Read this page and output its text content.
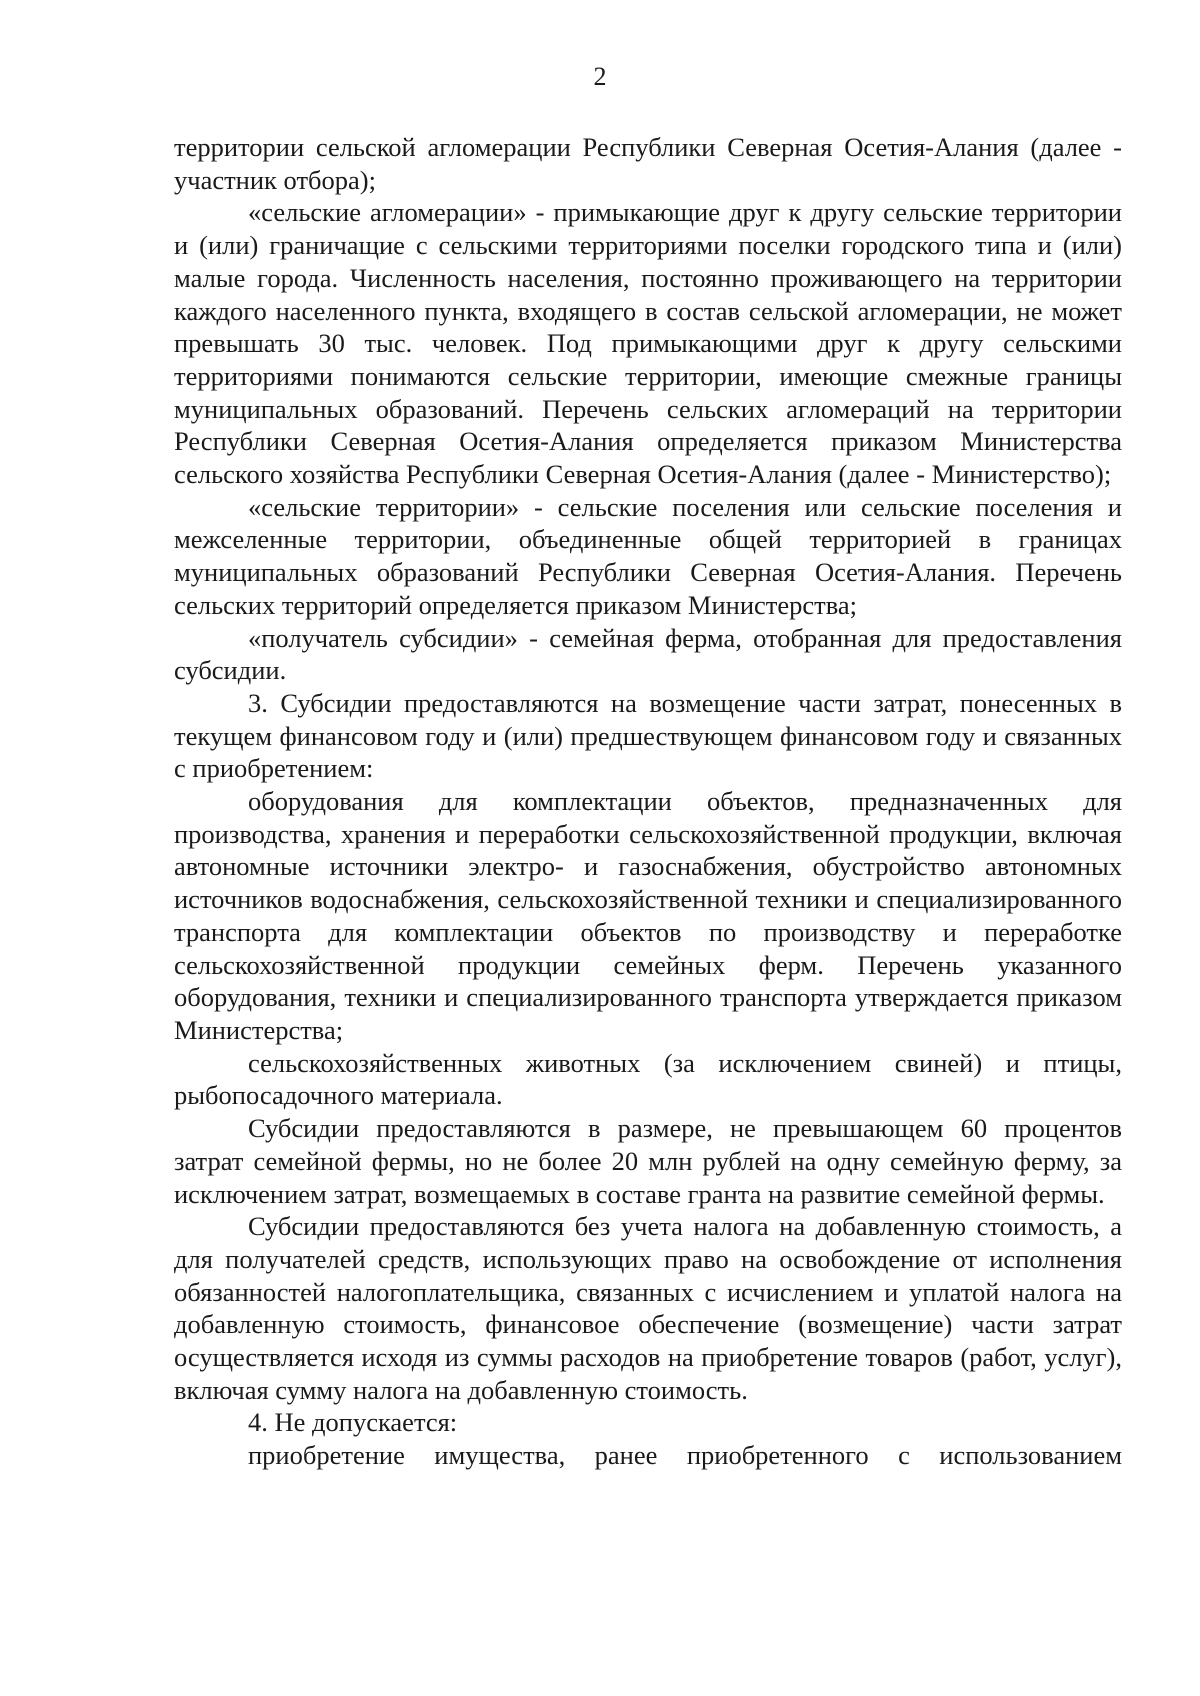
2

территории сельской агломерации Республики Северная Осетия-Алания (далее - участник отбора);

«сельские агломерации» - примыкающие друг к другу сельские территории и (или) граничащие с сельскими территориями поселки городского типа и (или) малые города. Численность населения, постоянно проживающего на территории каждого населенного пункта, входящего в состав сельской агломерации, не может превышать 30 тыс. человек. Под примыкающими друг к другу сельскими территориями понимаются сельские территории, имеющие смежные границы муниципальных образований. Перечень сельских агломераций на территории Республики Северная Осетия-Алания определяется приказом Министерства сельского хозяйства Республики Северная Осетия-Алания (далее - Министерство);

«сельские территории» - сельские поселения или сельские поселения и межселенные территории, объединенные общей территорией в границах муниципальных образований Республики Северная Осетия-Алания. Перечень сельских территорий определяется приказом Министерства;

«получатель субсидии» - семейная ферма, отобранная для предоставления субсидии.

3. Субсидии предоставляются на возмещение части затрат, понесенных в текущем финансовом году и (или) предшествующем финансовом году и связанных с приобретением:

оборудования для комплектации объектов, предназначенных для производства, хранения и переработки сельскохозяйственной продукции, включая автономные источники электро- и газоснабжения, обустройство автономных источников водоснабжения, сельскохозяйственной техники и специализированного транспорта для комплектации объектов по производству и переработке сельскохозяйственной продукции семейных ферм. Перечень указанного оборудования, техники и специализированного транспорта утверждается приказом Министерства;

сельскохозяйственных животных (за исключением свиней) и птицы, рыбопосадочного материала.

Субсидии предоставляются в размере, не превышающем 60 процентов затрат семейной фермы, но не более 20 млн рублей на одну семейную ферму, за исключением затрат, возмещаемых в составе гранта на развитие семейной фермы.

Субсидии предоставляются без учета налога на добавленную стоимость, а для получателей средств, использующих право на освобождение от исполнения обязанностей налогоплательщика, связанных с исчислением и уплатой налога на добавленную стоимость, финансовое обеспечение (возмещение) части затрат осуществляется исходя из суммы расходов на приобретение товаров (работ, услуг), включая сумму налога на добавленную стоимость.

4. Не допускается:

приобретение имущества, ранее приобретенного с использованием
